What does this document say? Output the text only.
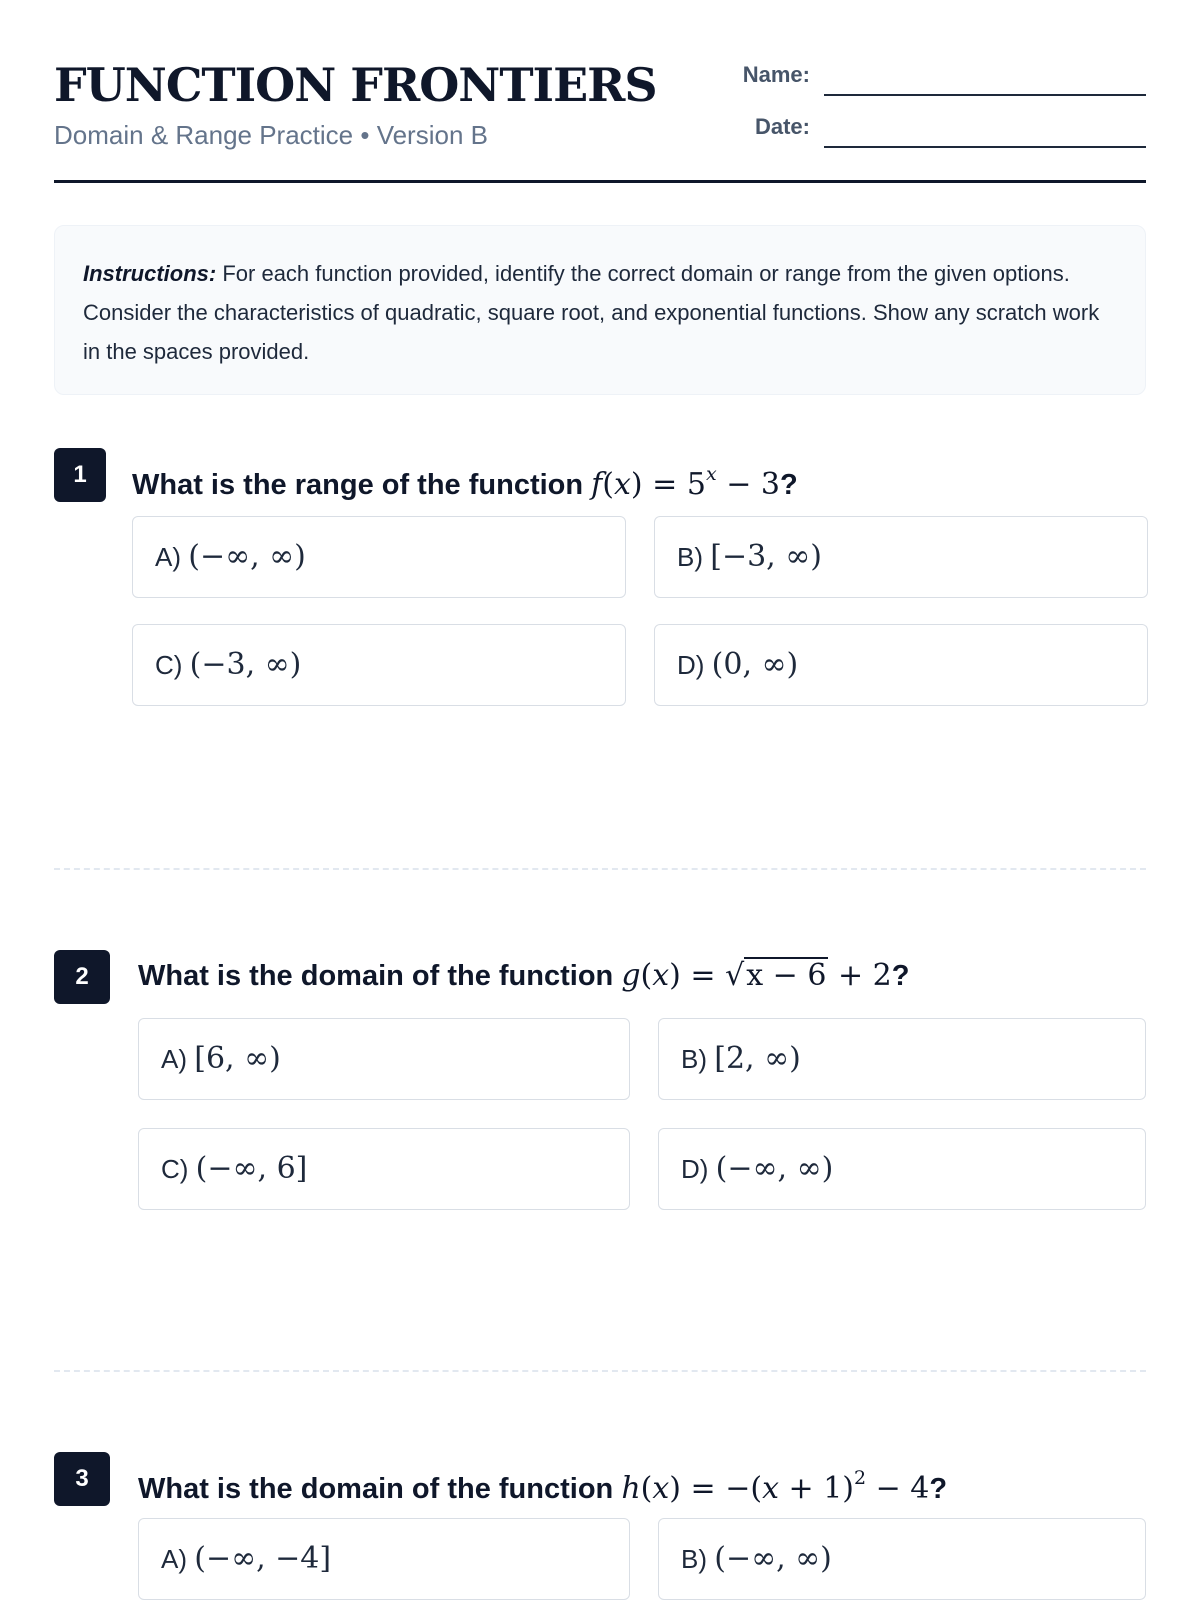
FUNCTION FRONTIERS
Domain & Range Practice • Version B
Name:
Date:
Instructions: For each function provided, identify the correct domain or range from the given options. Consider the characteristics of quadratic, square root, and exponential functions. Show any scratch work in the spaces provided.
1	What is the range of the function $f(x) = 5^x - 3$?
A) (−∞, ∞)	B) [−3, ∞)
C) (−3, ∞)	D) (0, ∞)
2	What is the domain of the function g(x) = √x − 6 + 2?
A) [6, ∞)	B) [2, ∞)
C) (−∞, 6]	D) (−∞, ∞)
3	What is the domain of the function $h(x) = -(x + 1)^2 - 4$?
A) (−∞, −4]	B) (−∞, ∞)
